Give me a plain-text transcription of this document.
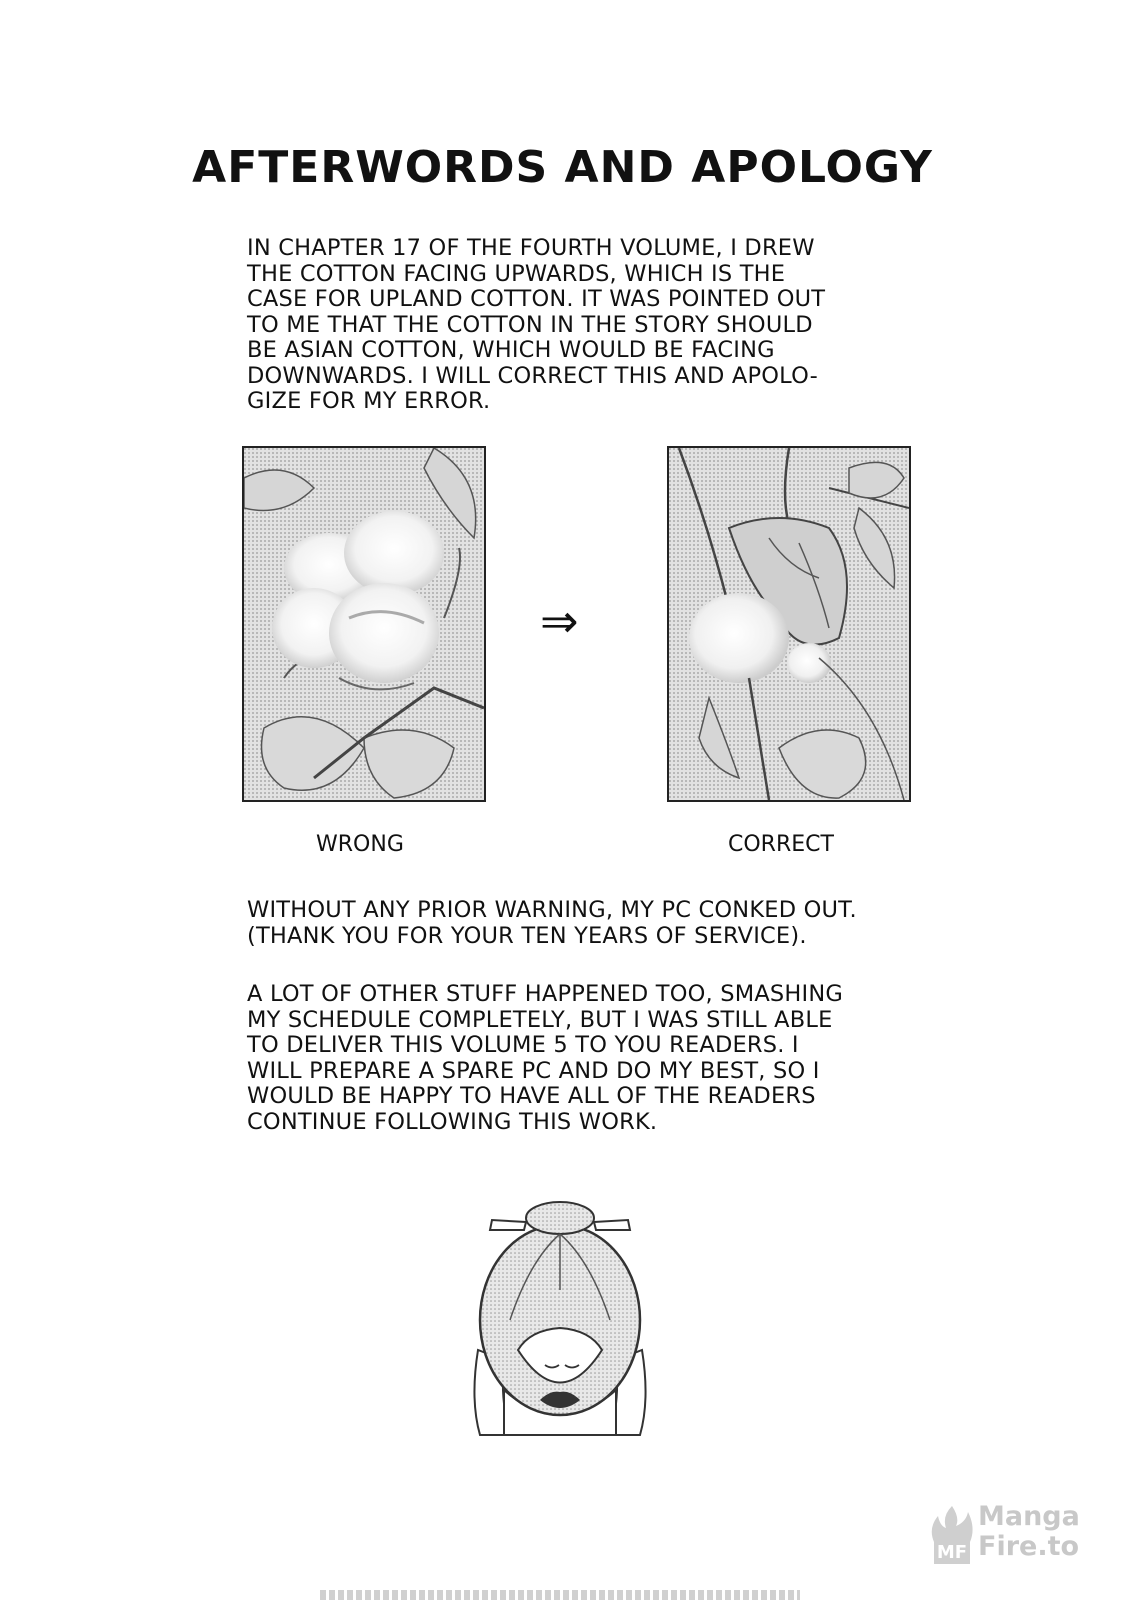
AFTERWORDS AND APOLOGY
IN CHAPTER 17 OF THE FOURTH VOLUME, I DREW
THE COTTON FACING UPWARDS, WHICH IS THE
CASE FOR UPLAND COTTON. IT WAS POINTED OUT
TO ME THAT THE COTTON IN THE STORY SHOULD
BE ASIAN COTTON, WHICH WOULD BE FACING
DOWNWARDS. I WILL CORRECT THIS AND APOLO-
GIZE FOR MY ERROR.
⇒
WRONG	CORRECT
WITHOUT ANY PRIOR WARNING, MY PC CONKED OUT.
(THANK YOU FOR YOUR TEN YEARS OF SERVICE).
A LOT OF OTHER STUFF HAPPENED TOO, SMASHING
MY SCHEDULE COMPLETELY, BUT I WAS STILL ABLE
TO DELIVER THIS VOLUME 5 TO YOU READERS. I
WILL PREPARE A SPARE PC AND DO MY BEST, SO I
WOULD BE HAPPY TO HAVE ALL OF THE READERS
CONTINUE FOLLOWING THIS WORK.
MF
Manga
Fire.to
